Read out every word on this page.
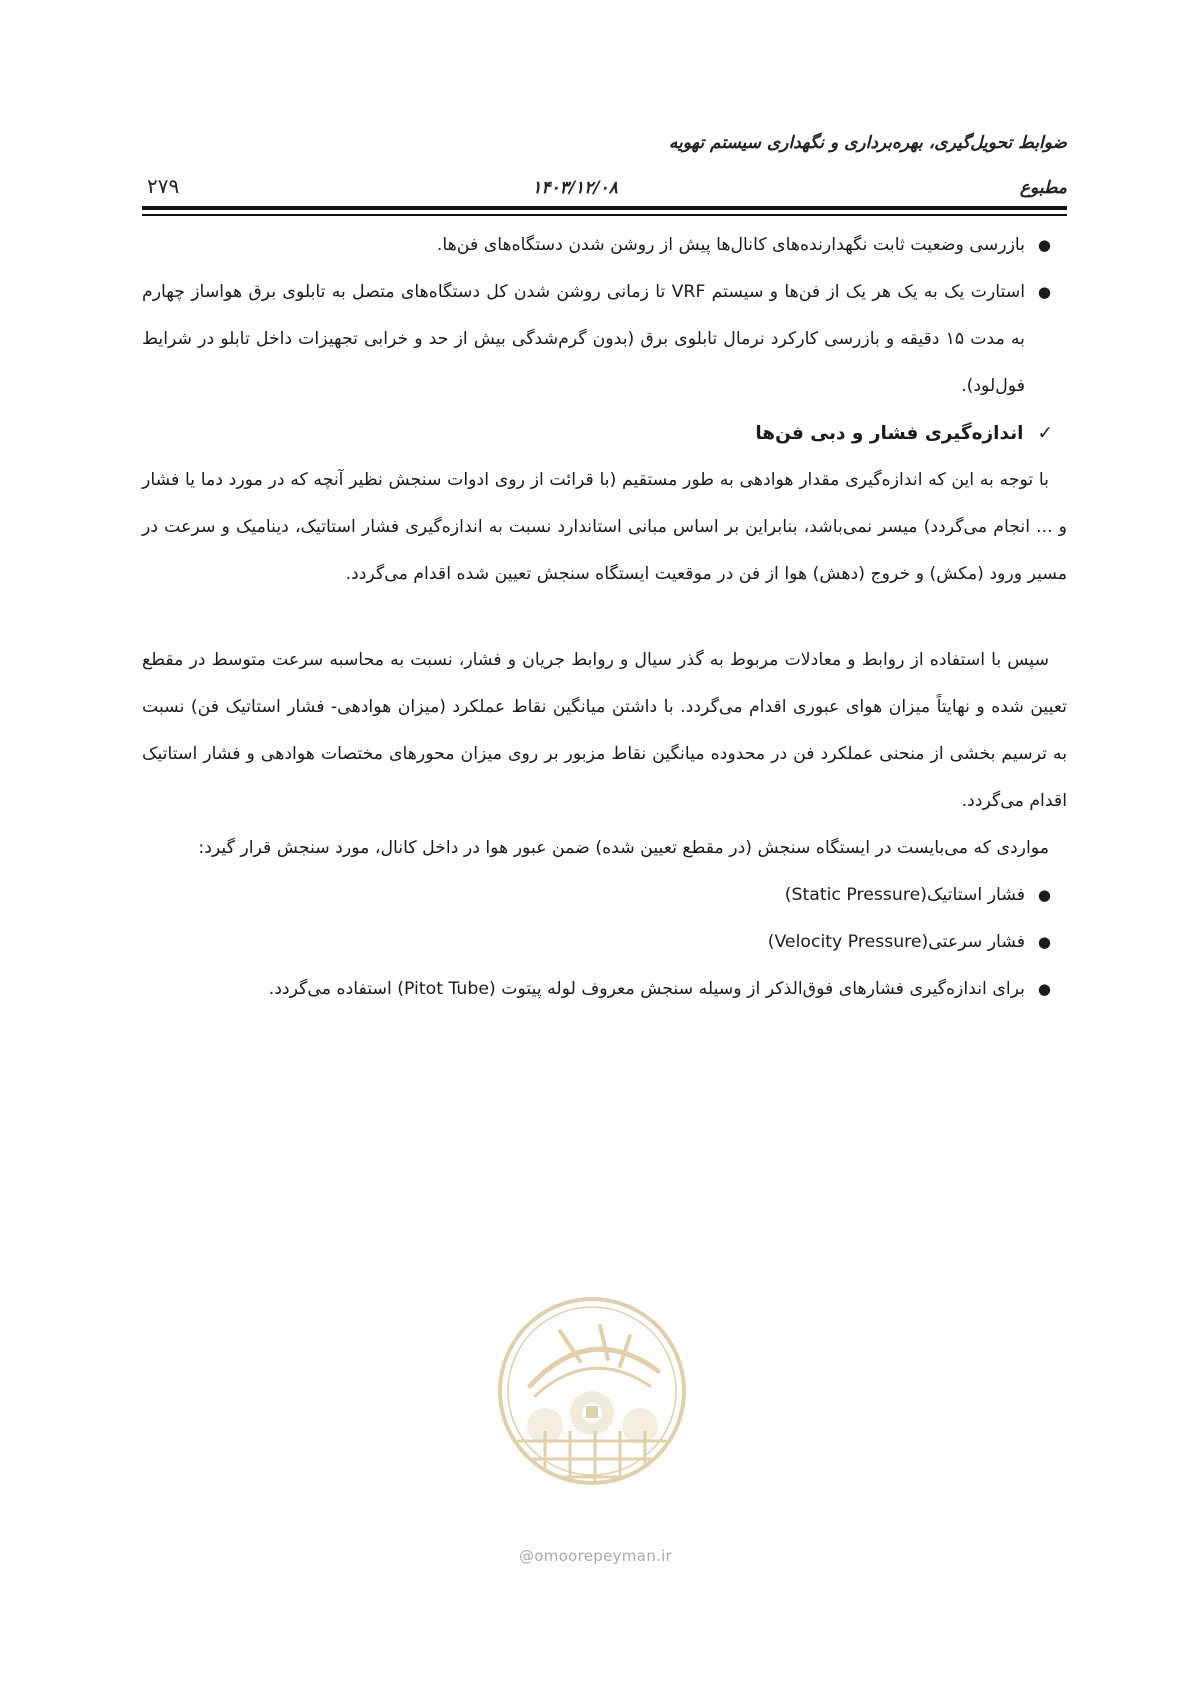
ضوابط تحویل‌گیری، بهره‌برداری و نگهداری سیستم تهویه
مطبوع
۱۴۰۳/۱۲/۰۸
۲۷۹
●
بازرسی وضعیت ثابت نگهدارنده‌های کانال‌ها پیش از روشن شدن دستگاه‌های فن‌ها.
●
استارت یک به یک هر یک از فن‌ها و سیستم VRF تا زمانی روشن شدن کل دستگاه‌های متصل به تابلوی برق هواساز چهارم به مدت ۱۵ دقیقه و بازرسی کارکرد نرمال تابلوی برق (بدون گرم‌شدگی بیش از حد و خرابی تجهیزات داخل تابلو در شرایط فول‌لود).
✓اندازه‌گیری فشار و دبی فن‌ها

با توجه به این که اندازه‌گیری مقدار هوادهی به طور مستقیم (با قرائت از روی ادوات سنجش نظیر آنچه که در مورد دما یا فشار و ... انجام می‌گردد) میسر نمی‌باشد، بنابراین بر اساس مبانی استاندارد نسبت به اندازه‌گیری فشار استاتیک، دینامیک و سرعت در مسیر ورود (مکش) و خروج (دهش) هوا از فن در موقعیت ایستگاه سنجش تعیین شده اقدام می‌گردد.

سپس با استفاده از روابط و معادلات مربوط به گذر سیال و روابط جریان و فشار، نسبت به محاسبه سرعت متوسط در مقطع تعیین شده و نهایتاً میزان هوای عبوری اقدام می‌گردد. با داشتن میانگین نقاط عملکرد (میزان هوادهی- فشار استاتیک فن) نسبت به ترسیم بخشی از منحنی عملکرد فن در محدوده میانگین نقاط مزبور بر روی میزان محورهای مختصات هوادهی و فشار استاتیک اقدام می‌گردد.

مواردی که می‌بایست در ایستگاه سنجش (در مقطع تعیین شده) ضمن عبور هوا در داخل کانال، مورد سنجش قرار گیرد:

●
فشار استاتیک(Static Pressure)
●
فشار سرعتی(Velocity Pressure)
●
برای اندازه‌گیری فشارهای فوق‌الذکر از وسیله سنجش معروف لوله پیتوت (Pitot Tube) استفاده می‌گردد.
@omoorepeyman.ir
